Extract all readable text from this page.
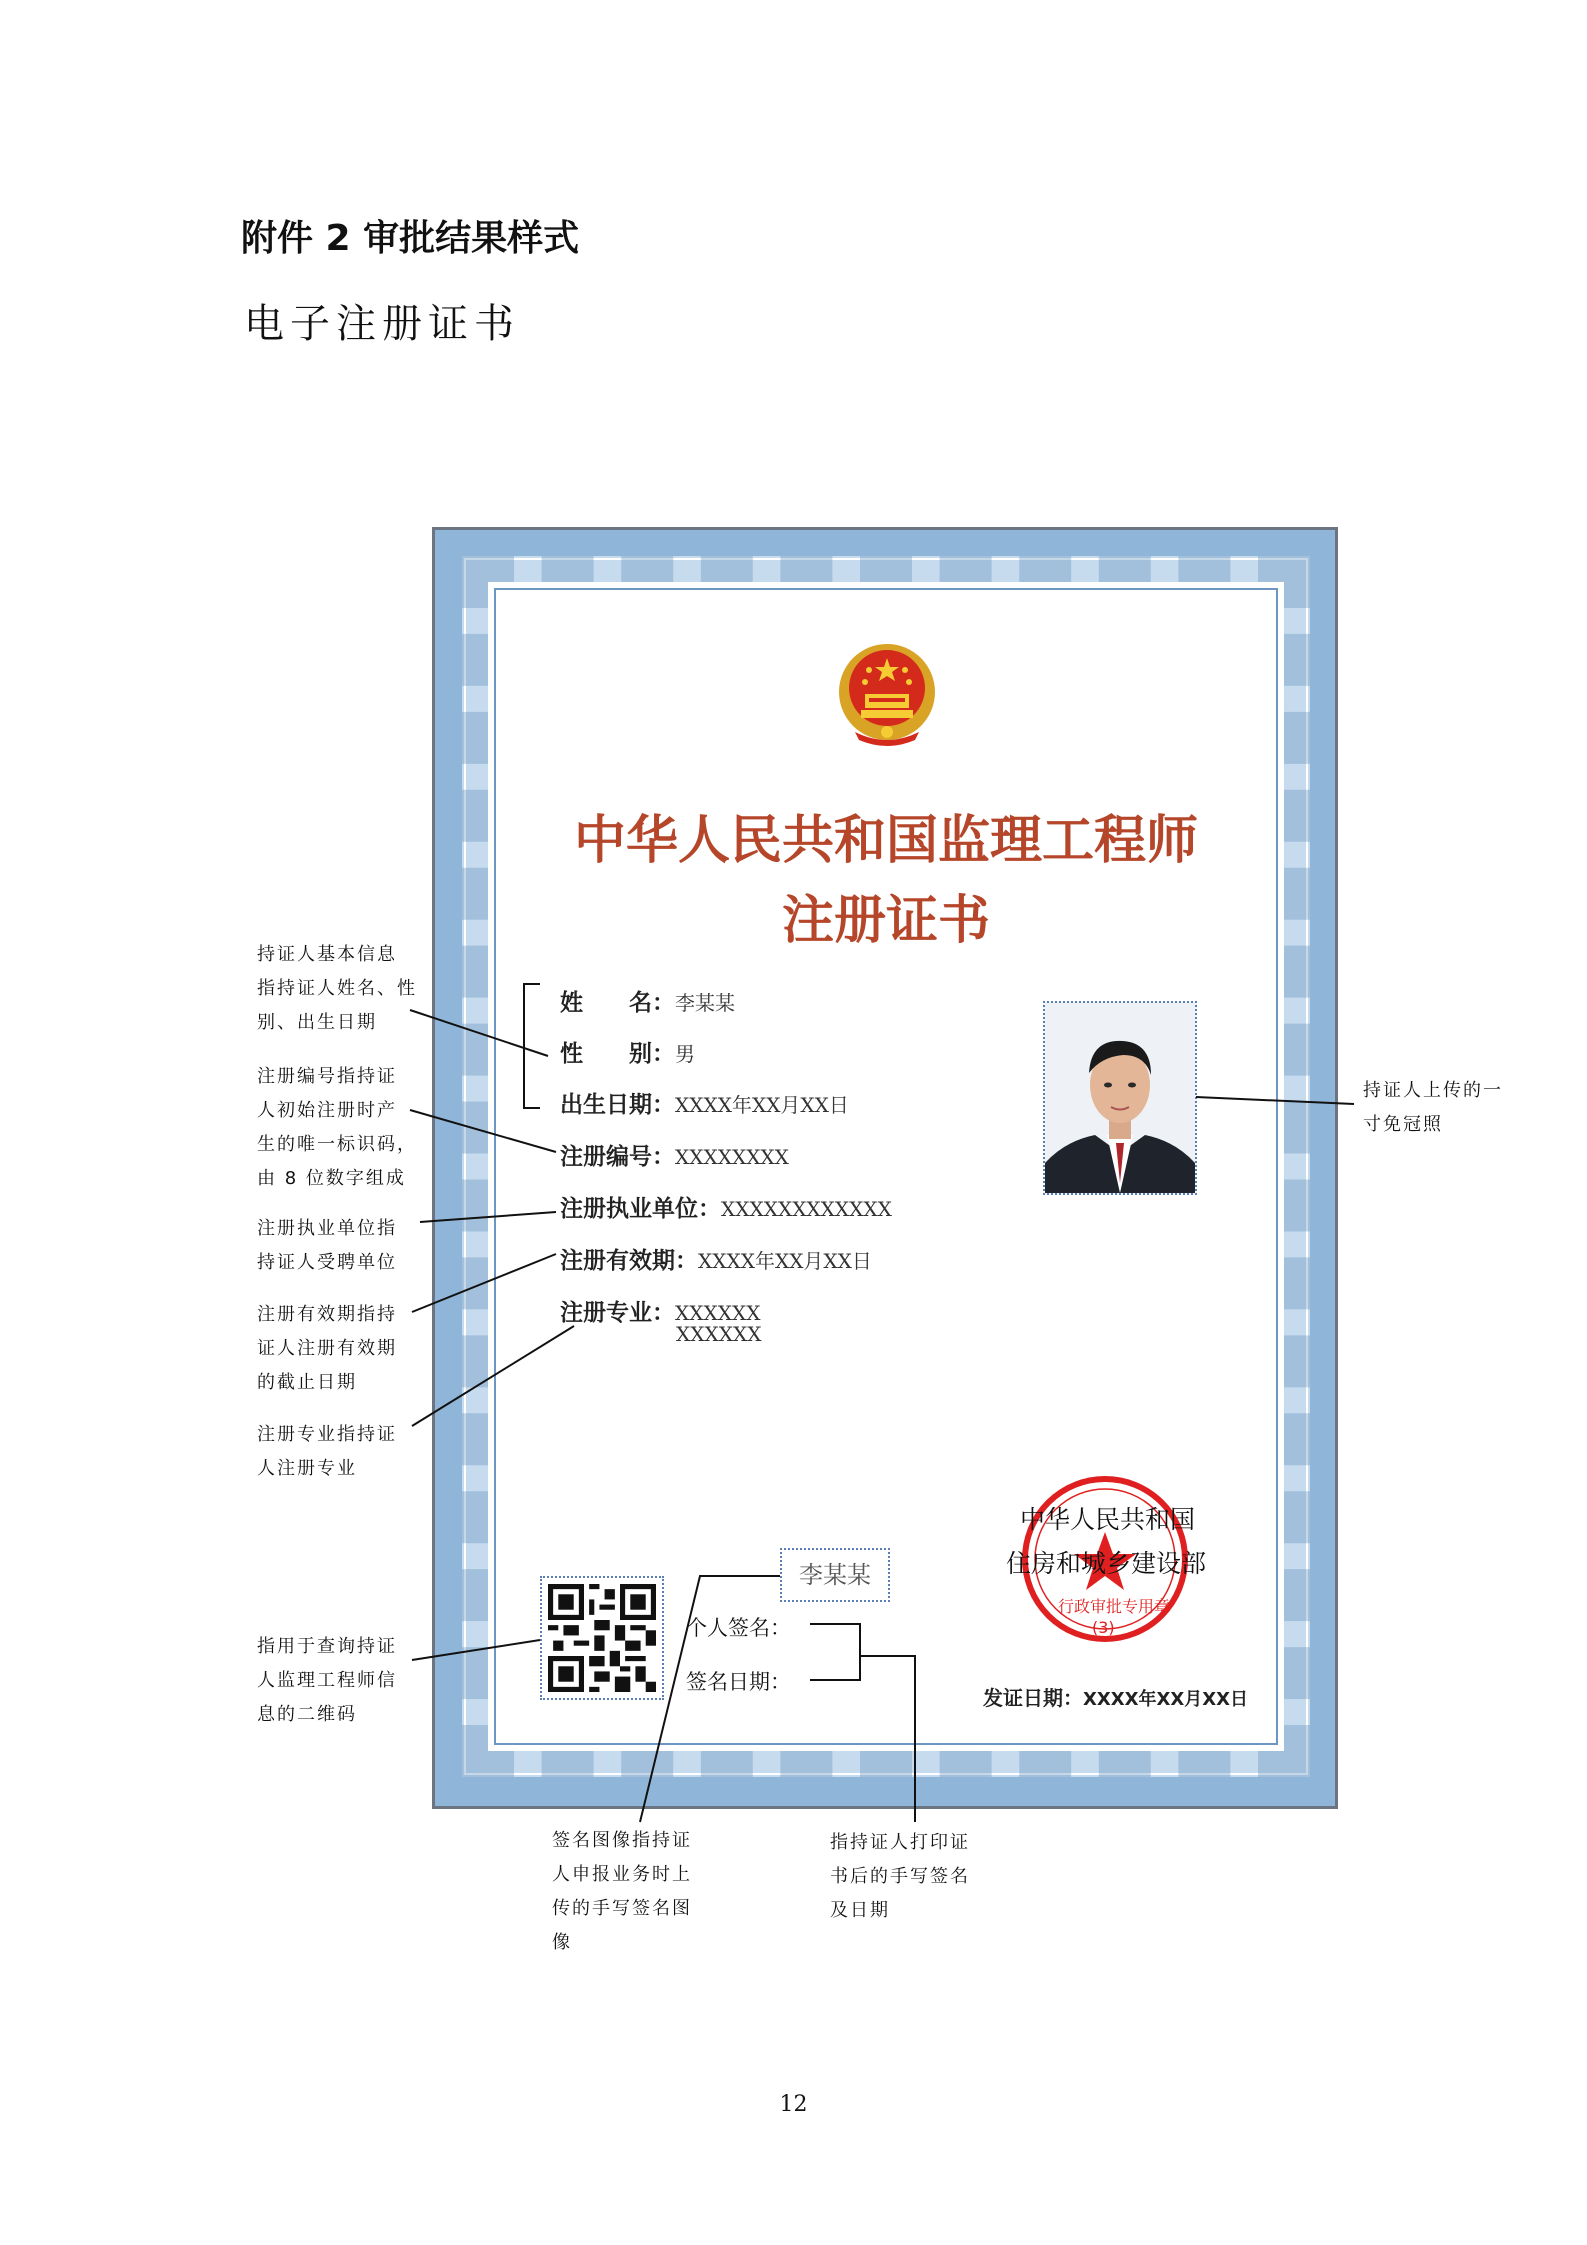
附件 2 审批结果样式
电子注册证书
中华人民共和国监理工程师
注册证书
姓　　名：李某某
性　　别：男
出生日期：XXXX年XX月XX日
注册编号：XXXXXXXX
注册执业单位：XXXXXXXXXXXX
注册有效期：XXXX年XX月XX日
注册专业：XXXXXX
XXXXXX
李某某
个人签名：
签名日期：
中华人民共和国
住房和城乡建设部
行政审批专用章
(3)
发证日期：XXXX年XX月XX日
持证人基本信息
指持证人姓名、性
别、出生日期
注册编号指持证
人初始注册时产
生的唯一标识码，
由 8 位数字组成
注册执业单位指
持证人受聘单位
注册有效期指持
证人注册有效期
的截止日期
注册专业指持证
人注册专业
指用于查询持证
人监理工程师信
息的二维码
持证人上传的一
寸免冠照
签名图像指持证
人申报业务时上
传的手写签名图
像
指持证人打印证
书后的手写签名
及日期
12
